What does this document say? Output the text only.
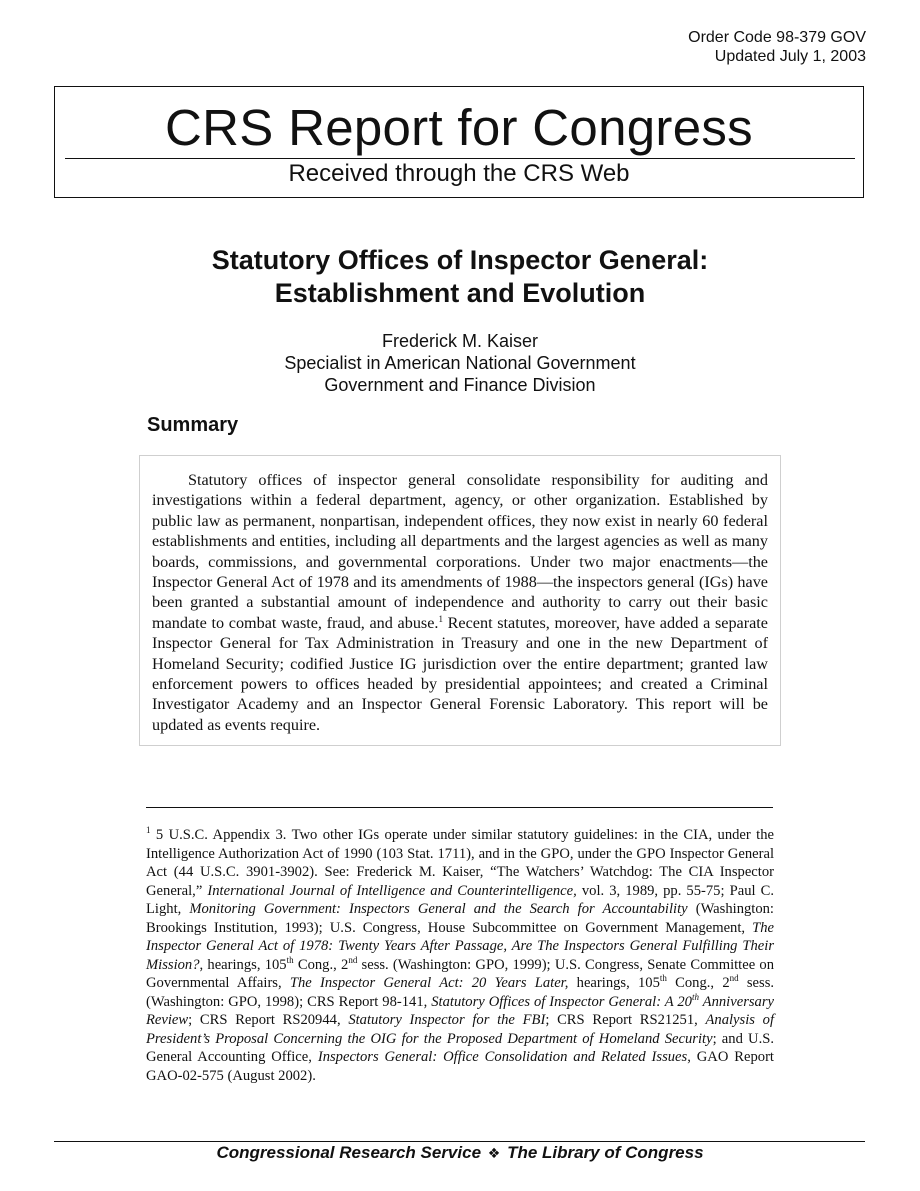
Order Code 98-379 GOV
Updated July 1, 2003
CRS Report for Congress
Received through the CRS Web
Statutory Offices of Inspector General:
Establishment and Evolution
Frederick M. Kaiser
Specialist in American National Government
Government and Finance Division
Summary

Statutory offices of inspector general consolidate responsibility for auditing and investigations within a federal department, agency, or other organization. Established by public law as permanent, nonpartisan, independent offices, they now exist in nearly 60 federal establishments and entities, including all departments and the largest agencies as well as many boards, commissions, and governmental corporations. Under two major enactments—the Inspector General Act of 1978 and its amendments of 1988—the inspectors general (IGs) have been granted a substantial amount of independence and authority to carry out their basic mandate to combat waste, fraud, and abuse.$^1$ Recent statutes, moreover, have added a separate Inspector General for Tax Administration in Treasury and one in the new Department of Homeland Security; codified Justice IG jurisdiction over the entire department; granted law enforcement powers to offices headed by presidential appointees; and created a Criminal Investigator Academy and an Inspector General Forensic Laboratory. This report will be updated as events require.

$^1$ 5 U.S.C. Appendix 3. Two other IGs operate under similar statutory guidelines: in the CIA, under the Intelligence Authorization Act of 1990 (103 Stat. 1711), and in the GPO, under the GPO Inspector General Act (44 U.S.C. 3901-3902). See: Frederick M. Kaiser, “The Watchers’ Watchdog: The CIA Inspector General,” International Journal of Intelligence and Counterintelligence, vol. 3, 1989, pp. 55-75; Paul C. Light, Monitoring Government: Inspectors General and the Search for Accountability (Washington: Brookings Institution, 1993); U.S. Congress, House Subcommittee on Government Management, The Inspector General Act of 1978: Twenty Years After Passage, Are The Inspectors General Fulfilling Their Mission?, hearings, 105th Cong., 2nd sess. (Washington: GPO, 1999); U.S. Congress, Senate Committee on Governmental Affairs, The Inspector General Act: 20 Years Later, hearings, 105th Cong., 2nd sess. (Washington: GPO, 1998); CRS Report 98-141, Statutory Offices of Inspector General: A 20th Anniversary Review; CRS Report RS20944, Statutory Inspector for the FBI; CRS Report RS21251, Analysis of President’s Proposal Concerning the OIG for the Proposed Department of Homeland Security; and U.S. General Accounting Office, Inspectors General: Office Consolidation and Related Issues, GAO Report GAO-02-575 (August 2002).

Congressional Research Service ❖ The Library of Congress
